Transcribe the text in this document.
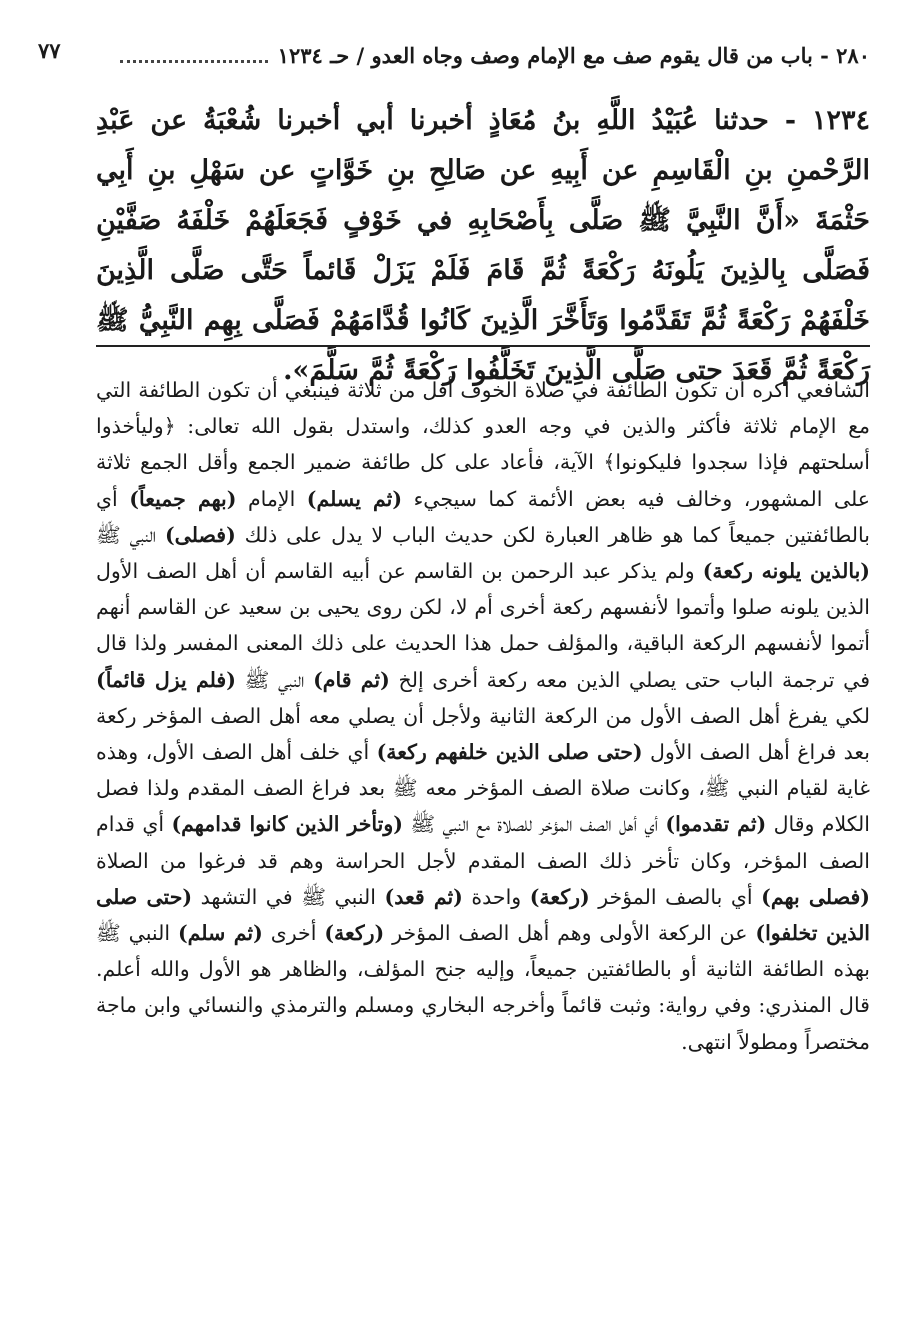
٢٨٠ - باب من قال يقوم صف مع الإمام وصف وجاه العدو / حـ ١٢٣٤
٧٧
١٢٣٤ - حدثنا عُبَيْدُ اللَّهِ بنُ مُعَاذٍ أخبرنا أبي أخبرنا شُعْبَةُ عن عَبْدِ الرَّحْمنِ بنِ الْقَاسِمِ عن أَبِيهِ عن صَالِحِ بنِ خَوَّاتٍ عن سَهْلِ بنِ أَبِي حَثْمَةَ «أَنَّ النَّبِيَّ ﷺ صَلَّى بِأَصْحَابِهِ في خَوْفٍ فَجَعَلَهُمْ خَلْفَهُ صَفَّيْنِ فَصَلَّى بِالذِينَ يَلُونَهُ رَكْعَةً ثُمَّ قَامَ فَلَمْ يَزَلْ قَائماً حَتَّى صَلَّى الَّذِينَ خَلْفَهُمْ رَكْعَةً ثُمَّ تَقَدَّمُوا وَتَأَخَّرَ الَّذِينَ كَانُوا قُدَّامَهُمْ فَصَلَّى بِهِم النَّبِيُّ ﷺ رَكْعَةً ثُمَّ قَعَدَ حتى صَلَّى الَّذِينَ تَخَلَّفُوا رَكْعَةً ثُمَّ سَلَّمَ».

الشافعي أكره أن تكون الطائفة في صلاة الخوف أقل من ثلاثة فينبغي أن تكون الطائفة التي مع الإمام ثلاثة فأكثر والذين في وجه العدو كذلك، واستدل بقول الله تعالى: ﴿وليأخذوا أسلحتهم فإذا سجدوا فليكونوا﴾ الآية، فأعاد على كل طائفة ضمير الجمع وأقل الجمع ثلاثة على المشهور، وخالف فيه بعض الأئمة كما سيجيء (ثم يسلم) الإمام (بهم جميعاً) أي بالطائفتين جميعاً كما هو ظاهر العبارة لكن حديث الباب لا يدل على ذلك (فصلى) النبي ﷺ (بالذين يلونه ركعة) ولم يذكر عبد الرحمن بن القاسم عن أبيه القاسم أن أهل الصف الأول الذين يلونه صلوا وأتموا لأنفسهم ركعة أخرى أم لا، لكن روى يحيى بن سعيد عن القاسم أنهم أتموا لأنفسهم الركعة الباقية، والمؤلف حمل هذا الحديث على ذلك المعنى المفسر ولذا قال في ترجمة الباب حتى يصلي الذين معه ركعة أخرى إلخ (ثم قام) النبي ﷺ (فلم يزل قائماً) لكي يفرغ أهل الصف الأول من الركعة الثانية ولأجل أن يصلي معه أهل الصف المؤخر ركعة بعد فراغ أهل الصف الأول (حتى صلى الذين خلفهم ركعة) أي خلف أهل الصف الأول، وهذه غاية لقيام النبي ﷺ، وكانت صلاة الصف المؤخر معه ﷺ بعد فراغ الصف المقدم ولذا فصل الكلام وقال (ثم تقدموا) أي أهل الصف المؤخر للصلاة مع النبي ﷺ (وتأخر الذين كانوا قدامهم) أي قدام الصف المؤخر، وكان تأخر ذلك الصف المقدم لأجل الحراسة وهم قد فرغوا من الصلاة (فصلى بهم) أي بالصف المؤخر (ركعة) واحدة (ثم قعد) النبي ﷺ في التشهد (حتى صلى الذين تخلفوا) عن الركعة الأولى وهم أهل الصف المؤخر (ركعة) أخرى (ثم سلم) النبي ﷺ بهذه الطائفة الثانية أو بالطائفتين جميعاً، وإليه جنح المؤلف، والظاهر هو الأول والله أعلم. قال المنذري: وفي رواية: وثبت قائماً وأخرجه البخاري ومسلم والترمذي والنسائي وابن ماجة مختصراً ومطولاً انتهى.
